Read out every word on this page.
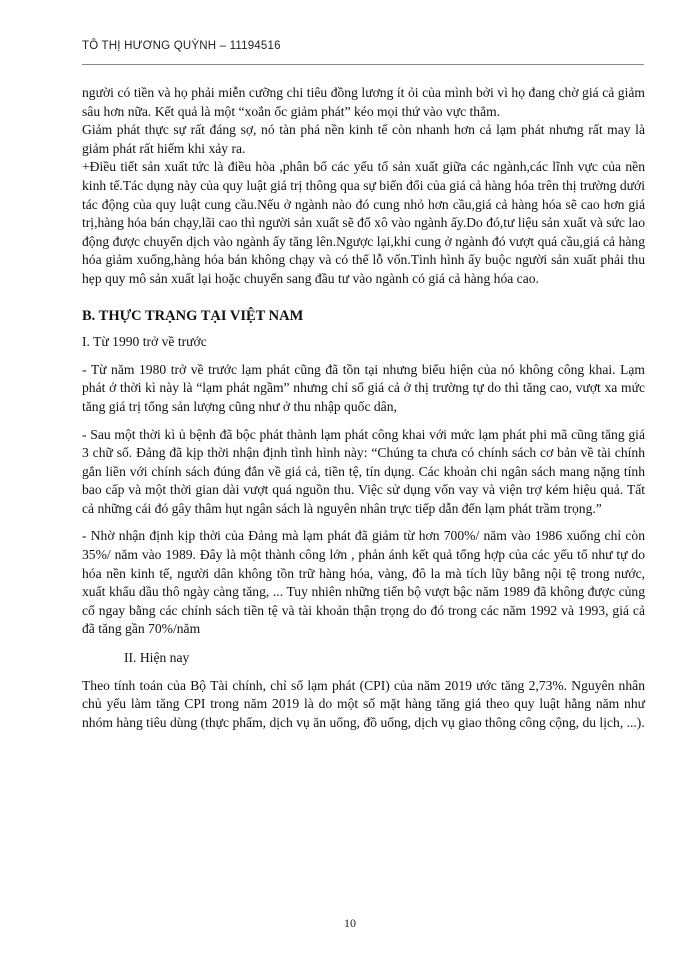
TÔ THỊ HƯƠNG QUỲNH – 11194516

người có tiền và họ phải miễn cưỡng chi tiêu đồng lương ít ỏi của mình bởi vì họ đang chờ giá cả giảm sâu hơn nữa. Kết quả là một “xoắn ốc giảm phát” kéo mọi thứ vào vực thẳm.

Giảm phát thực sự rất đáng sợ, nó tàn phá nền kinh tế còn nhanh hơn cả lạm phát nhưng rất may là giảm phát rất hiếm khi xảy ra.

+Điều tiết sản xuất tức là điều hòa ,phân bố các yếu tố sản xuất giữa các ngành,các lĩnh vực của nền kinh tế.Tác dụng này của quy luật giá trị thông qua sự biến đổi của giá cả hàng hóa trên thị trường dưới tác động của quy luật cung cầu.Nếu ở ngành nào đó cung nhỏ hơn cầu,giá cả hàng hóa sẽ cao hơn giá trị,hàng hóa bán chạy,lãi cao thì người sản xuất sẽ đổ xô vào ngành ấy.Do đó,tư liệu sản xuất và sức lao động được chuyển dịch vào ngành ấy tăng lên.Ngược lại,khi cung ở ngành đó vượt quá cầu,giá cả hàng hóa giảm xuống,hàng hóa bán không chạy và có thể lỗ vốn.Tình hình ấy buộc người sản xuất phải thu hẹp quy mô sản xuất lại hoặc chuyển sang đầu tư vào ngành có giá cả hàng hóa cao.

B. THỰC TRẠNG TẠI VIỆT NAM

I. Từ 1990 trở về trước

- Từ năm 1980 trở về trước lạm phát cũng đã tồn tại nhưng biểu hiện của nó không công khai. Lạm phát ở thời kì này là “lạm phát ngầm” nhưng chỉ số giá cả ở thị trường tự do thì tăng cao, vượt xa mức tăng giá trị tổng sản lượng cũng như ở thu nhập quốc dân,

- Sau một thời kì ủ bệnh đã bộc phát thành lạm phát công khai với mức lạm phát phi mã cũng tăng giá 3 chữ số. Đảng đã kịp thời nhận định tình hình này: “Chúng ta chưa có chính sách cơ bản về tài chính gắn liền với chính sách đúng đắn về giá cả, tiền tệ, tín dụng. Các khoản chi ngân sách mang nặng tính bao cấp và một thời gian dài vượt quá nguồn thu. Việc sử dụng vốn vay và viện trợ kém hiệu quả. Tất cả những cái đó gây thâm hụt ngân sách là nguyên nhân trực tiếp dẫn đến lạm phát trầm trọng.”

- Nhờ nhận định kịp thời của Đảng mà lạm phát đã giảm từ hơn 700%/ năm vào 1986 xuống chỉ còn 35%/ năm vào 1989. Đây là một thành công lớn , phản ánh kết quả tổng hợp của các yếu tố như tự do hóa nền kinh tế, người dân không tồn trữ hàng hóa, vàng, đô la mà tích lũy bằng nội tệ trong nước, xuất khẩu dầu thô ngày càng tăng, ... Tuy nhiên những tiến bộ vượt bậc năm 1989 đã không được củng cố ngay bằng các chính sách tiền tệ và tài khoản thận trọng do đó trong các năm 1992 và 1993, giá cả đã tăng gần 70%/năm

II. Hiện nay

Theo tính toán của Bộ Tài chính, chỉ số lạm phát (CPI) của năm 2019 ước tăng 2,73%. Nguyên nhân chủ yếu làm tăng CPI trong năm 2019 là do một số mặt hàng tăng giá theo quy luật hằng năm như nhóm hàng tiêu dùng (thực phẩm, dịch vụ ăn uống, đồ uống, dịch vụ giao thông công cộng, du lịch, ...).

10
